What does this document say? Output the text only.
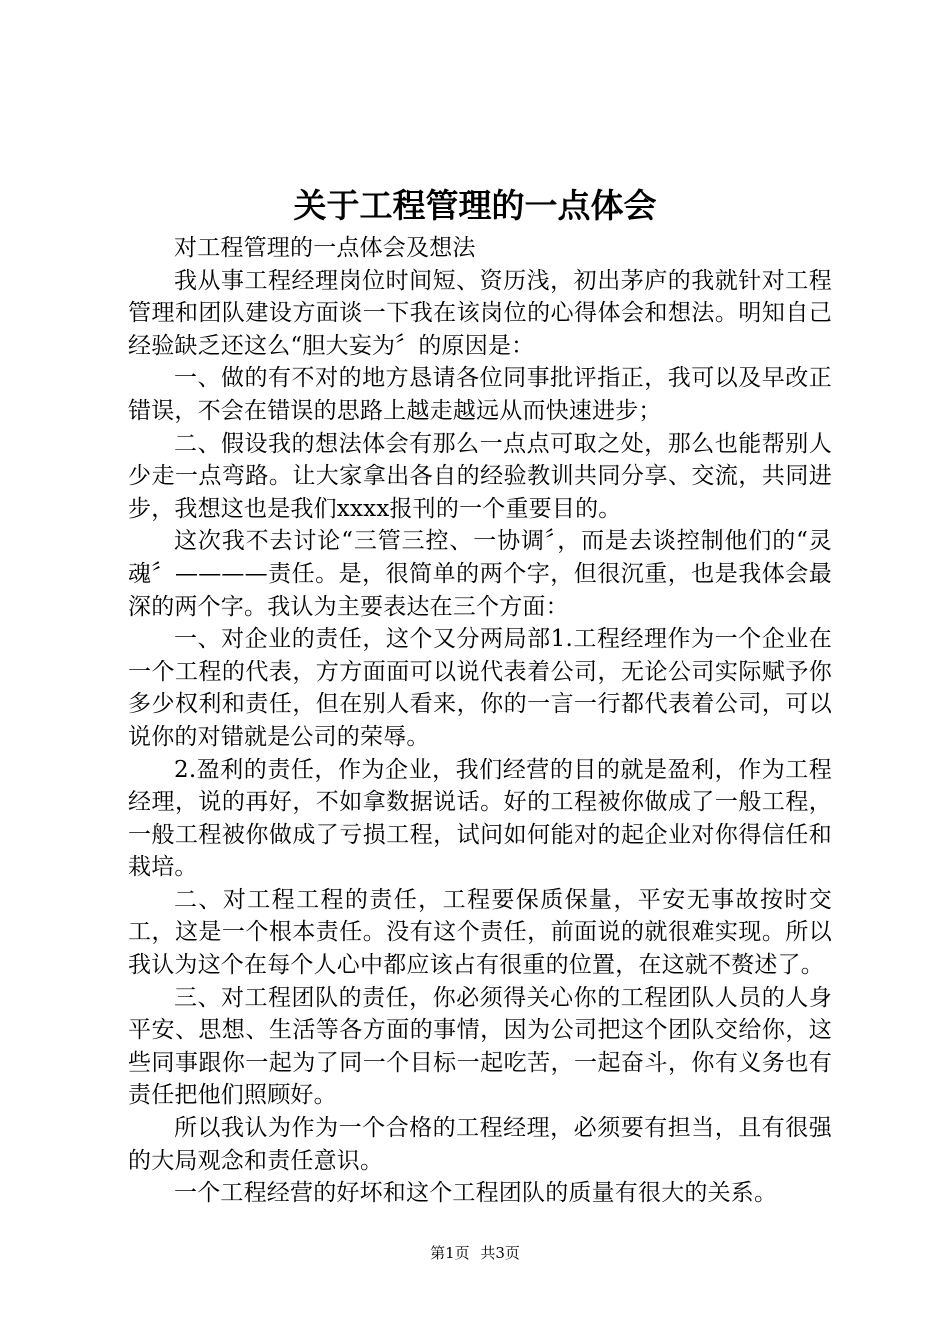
关于工程管理的一点体会

对工程管理的一点体会及想法

我从事工程经理岗位时间短、资历浅，初出茅庐的我就针对工程管理和团队建设方面谈一下我在该岗位的心得体会和想法。明知自己经验缺乏还这么“胆大妄为〞的原因是：

一、做的有不对的地方恳请各位同事批评指正，我可以及早改正错误，不会在错误的思路上越走越远从而快速进步；

二、假设我的想法体会有那么一点点可取之处，那么也能帮别人少走一点弯路。让大家拿出各自的经验教训共同分享、交流，共同进步，我想这也是我们xxxx报刊的一个重要目的。

这次我不去讨论“三管三控、一协调〞，而是去谈控制他们的“灵魂〞————责任。是，很简单的两个字，但很沉重，也是我体会最深的两个字。我认为主要表达在三个方面：

一、对企业的责任，这个又分两局部1.工程经理作为一个企业在一个工程的代表，方方面面可以说代表着公司，无论公司实际赋予你多少权利和责任，但在别人看来，你的一言一行都代表着公司，可以说你的对错就是公司的荣辱。

2.盈利的责任，作为企业，我们经营的目的就是盈利，作为工程经理，说的再好，不如拿数据说话。好的工程被你做成了一般工程，一般工程被你做成了亏损工程，试问如何能对的起企业对你得信任和栽培。

二、对工程工程的责任，工程要保质保量，平安无事故按时交工，这是一个根本责任。没有这个责任，前面说的就很难实现。所以我认为这个在每个人心中都应该占有很重的位置，在这就不赘述了。

三、对工程团队的责任，你必须得关心你的工程团队人员的人身平安、思想、生活等各方面的事情，因为公司把这个团队交给你，这些同事跟你一起为了同一个目标一起吃苦，一起奋斗，你有义务也有责任把他们照顾好。

所以我认为作为一个合格的工程经理，必须要有担当，且有很强的大局观念和责任意识。

一个工程经营的好坏和这个工程团队的质量有很大的关系。

第1页 共3页
